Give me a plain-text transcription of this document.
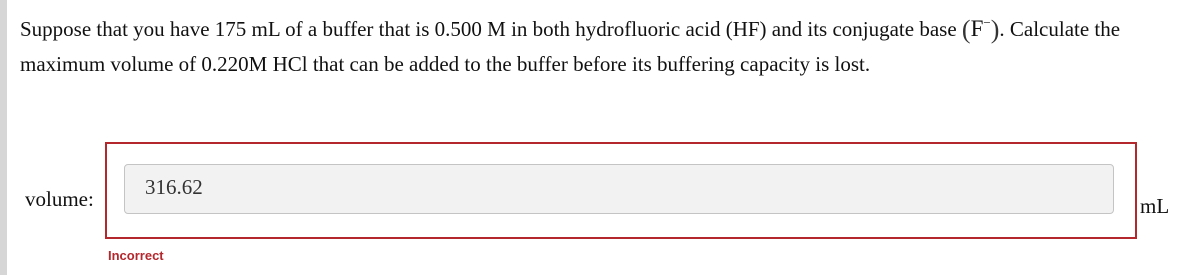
Suppose that you have 175 mL of a buffer that is 0.500 M in both hydrofluoric acid (HF) and its conjugate base (F−). Calculate the maximum volume of 0.220M HCl that can be added to the buffer before its buffering capacity is lost.
volume:	316.62
mL
Incorrect
